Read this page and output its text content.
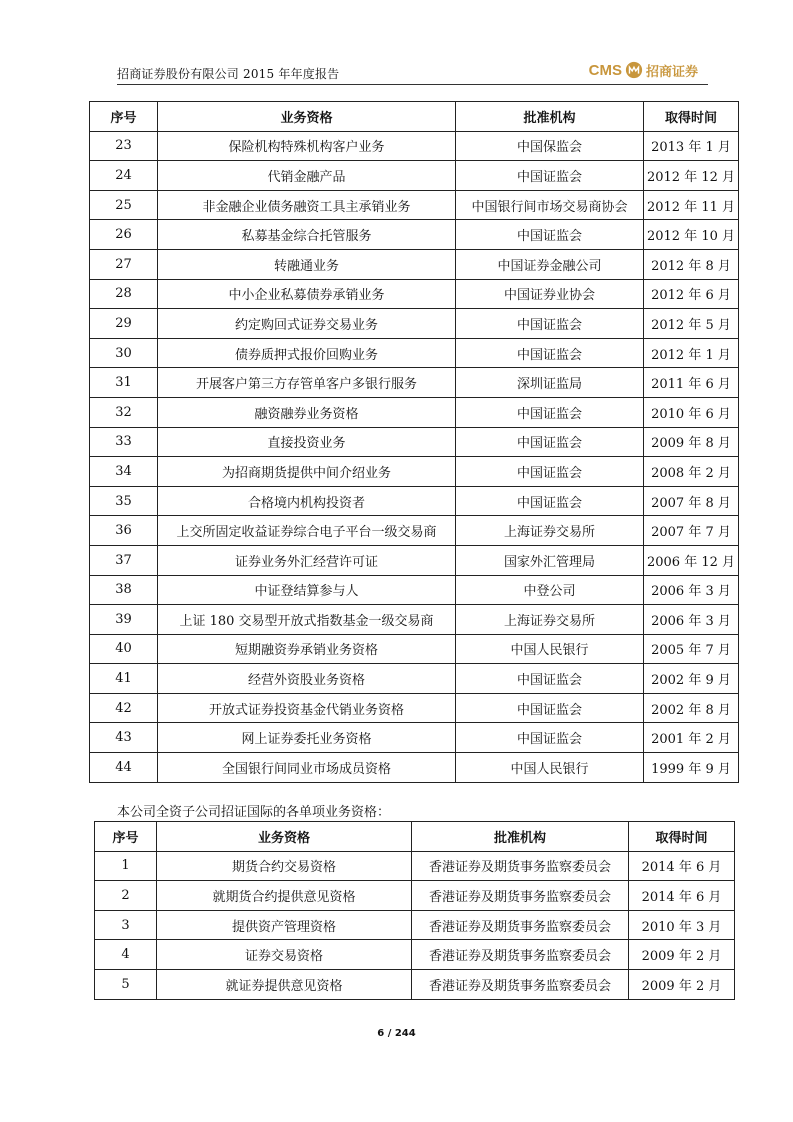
招商证券股份有限公司 2015 年年度报告	CMS 招商证券
序号	业务资格	批准机构	取得时间
23	保险机构特殊机构客户业务	中国保监会	2013 年 1 月
24	代销金融产品	中国证监会	2012 年 12 月
25	非金融企业债务融资工具主承销业务	中国银行间市场交易商协会	2012 年 11 月
26	私募基金综合托管服务	中国证监会	2012 年 10 月
27	转融通业务	中国证券金融公司	2012 年 8 月
28	中小企业私募债券承销业务	中国证券业协会	2012 年 6 月
29	约定购回式证券交易业务	中国证监会	2012 年 5 月
30	债券质押式报价回购业务	中国证监会	2012 年 1 月
31	开展客户第三方存管单客户多银行服务	深圳证监局	2011 年 6 月
32	融资融券业务资格	中国证监会	2010 年 6 月
33	直接投资业务	中国证监会	2009 年 8 月
34	为招商期货提供中间介绍业务	中国证监会	2008 年 2 月
35	合格境内机构投资者	中国证监会	2007 年 8 月
36	上交所固定收益证券综合电子平台一级交易商	上海证券交易所	2007 年 7 月
37	证券业务外汇经营许可证	国家外汇管理局	2006 年 12 月
38	中证登结算参与人	中登公司	2006 年 3 月
39	上证 180 交易型开放式指数基金一级交易商	上海证券交易所	2006 年 3 月
40	短期融资券承销业务资格	中国人民银行	2005 年 7 月
41	经营外资股业务资格	中国证监会	2002 年 9 月
42	开放式证券投资基金代销业务资格	中国证监会	2002 年 8 月
43	网上证券委托业务资格	中国证监会	2001 年 2 月
44	全国银行间同业市场成员资格	中国人民银行	1999 年 9 月
本公司全资子公司招证国际的各单项业务资格：
序号	业务资格	批准机构	取得时间
1	期货合约交易资格	香港证券及期货事务监察委员会	2014 年 6 月
2	就期货合约提供意见资格	香港证券及期货事务监察委员会	2014 年 6 月
3	提供资产管理资格	香港证券及期货事务监察委员会	2010 年 3 月
4	证券交易资格	香港证券及期货事务监察委员会	2009 年 2 月
5	就证券提供意见资格	香港证券及期货事务监察委员会	2009 年 2 月
6 / 244
